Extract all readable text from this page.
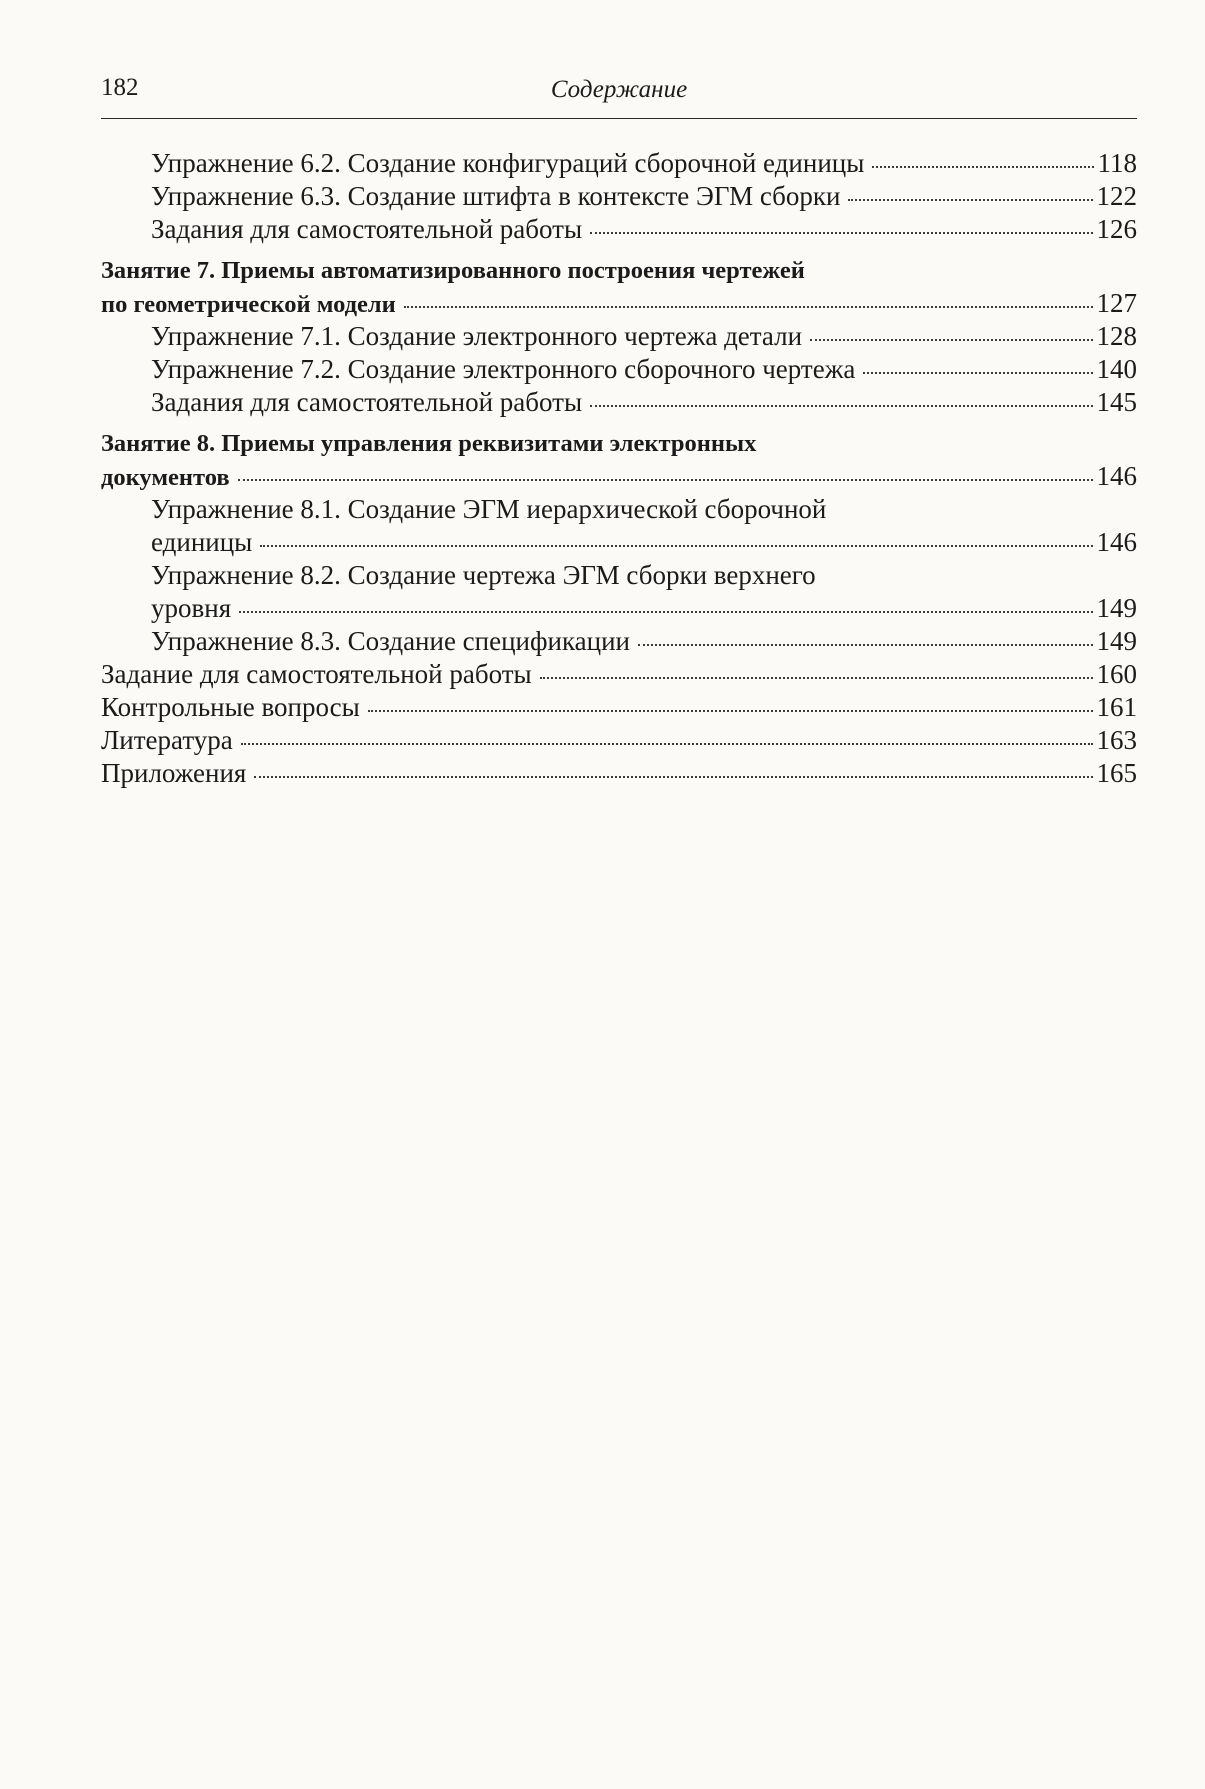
182	Содержание
Упражнение 6.2. Создание конфигураций сборочной единицы	118
Упражнение 6.3. Создание штифта в контексте ЭГМ сборки	122
Задания для самостоятельной работы	126
Занятие 7. Приемы автоматизированного построения чертежей
по геометрической модели	127
Упражнение 7.1. Создание электронного чертежа детали	128
Упражнение 7.2. Создание электронного сборочного чертежа	140
Задания для самостоятельной работы	145
Занятие 8. Приемы управления реквизитами электронных
документов	146
Упражнение 8.1. Создание ЭГМ иерархической сборочной
единицы	146
Упражнение 8.2. Создание чертежа ЭГМ сборки верхнего
уровня	149
Упражнение 8.3. Создание спецификации	149
Задание для самостоятельной работы	160
Контрольные вопросы	161
Литература	163
Приложения	165
